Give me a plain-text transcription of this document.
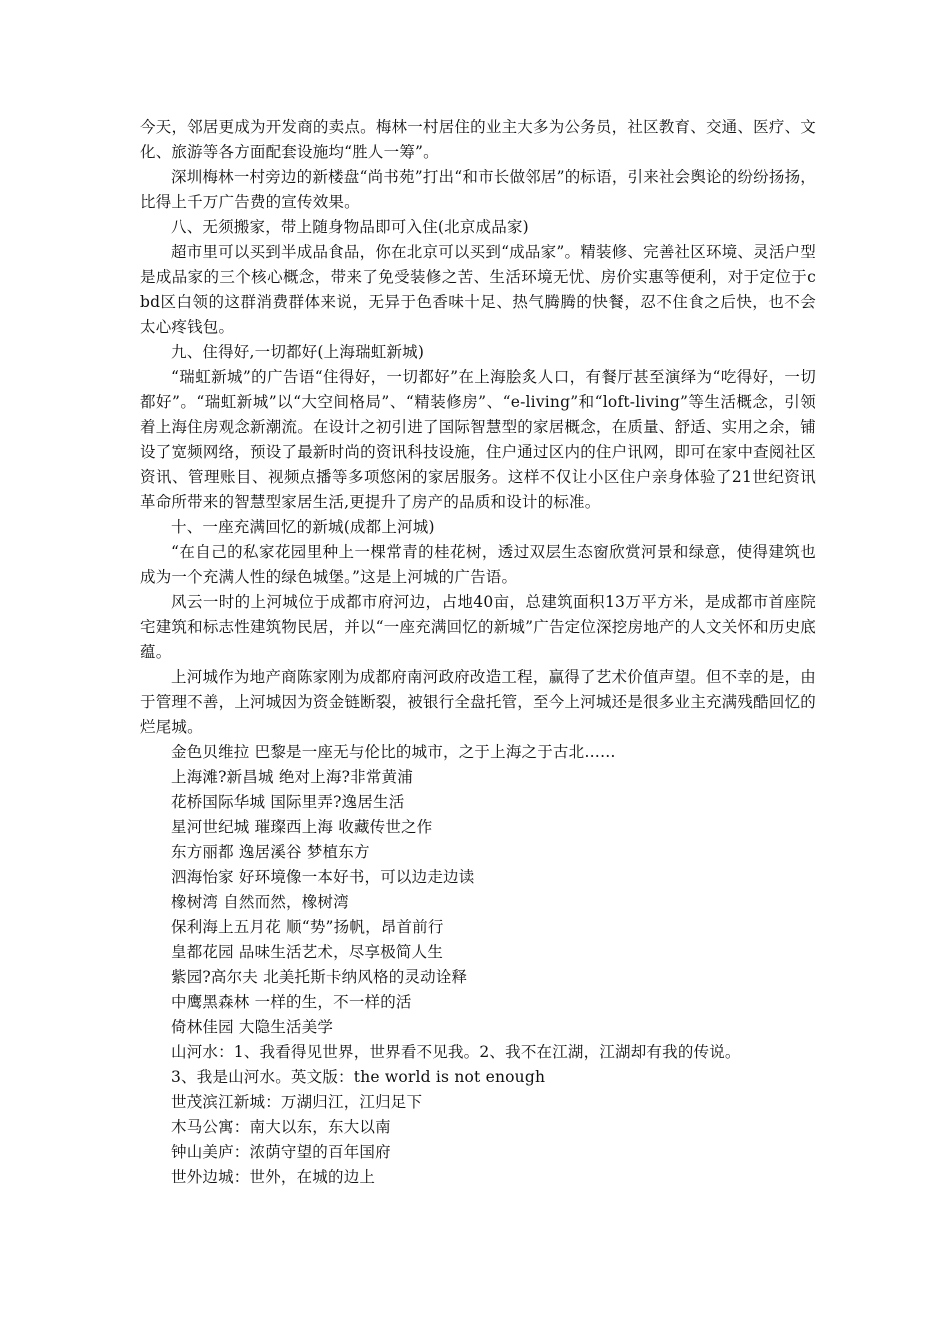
今天，邻居更成为开发商的卖点。梅林一村居住的业主大多为公务员，社区教育、交通、医疗、文化、旅游等各方面配套设施均“胜人一筹”。

深圳梅林一村旁边的新楼盘“尚书苑”打出“和市长做邻居”的标语，引来社会舆论的纷纷扬扬，比得上千万广告费的宣传效果。

八、无须搬家，带上随身物品即可入住(北京成品家)

超市里可以买到半成品食品，你在北京可以买到“成品家”。精装修、完善社区环境、灵活户型是成品家的三个核心概念，带来了免受装修之苦、生活环境无忧、房价实惠等便利，对于定位于cbd区白领的这群消费群体来说，无异于色香味十足、热气腾腾的快餐，忍不住食之后快，也不会太心疼钱包。

九、住得好,一切都好(上海瑞虹新城)

“瑞虹新城”的广告语“住得好，一切都好”在上海脍炙人口，有餐厅甚至演绎为“吃得好，一切都好”。“瑞虹新城”以“大空间格局”、“精装修房”、“e-living”和“loft-living”等生活概念，引领着上海住房观念新潮流。在设计之初引进了国际智慧型的家居概念，在质量、舒适、实用之余，铺设了宽频网络，预设了最新时尚的资讯科技设施，住户通过区内的住户讯网，即可在家中查阅社区资讯、管理账目、视频点播等多项悠闲的家居服务。这样不仅让小区住户亲身体验了21世纪资讯革命所带来的智慧型家居生活,更提升了房产的品质和设计的标准。

十、一座充满回忆的新城(成都上河城)

“在自己的私家花园里种上一棵常青的桂花树，透过双层生态窗欣赏河景和绿意，使得建筑也成为一个充满人性的绿色城堡。”这是上河城的广告语。

风云一时的上河城位于成都市府河边，占地40亩，总建筑面积13万平方米，是成都市首座院宅建筑和标志性建筑物民居，并以“一座充满回忆的新城”广告定位深挖房地产的人文关怀和历史底蕴。

上河城作为地产商陈家刚为成都府南河政府改造工程，赢得了艺术价值声望。但不幸的是，由于管理不善，上河城因为资金链断裂，被银行全盘托管，至今上河城还是很多业主充满残酷回忆的烂尾城。

金色贝维拉 巴黎是一座无与伦比的城市，之于上海之于古北……

上海滩?新昌城 绝对上海?非常黄浦

花桥国际华城 国际里弄?逸居生活

星河世纪城 璀璨西上海 收藏传世之作

东方丽都 逸居溪谷 梦植东方

泗海怡家 好环境像一本好书，可以边走边读

橡树湾 自然而然，橡树湾

保利海上五月花 顺“势”扬帆，昂首前行

皇都花园 品味生活艺术，尽享极简人生

紫园?高尔夫 北美托斯卡纳风格的灵动诠释

中鹰黑森林 一样的生，不一样的活

倚林佳园 大隐生活美学

山河水：1、我看得见世界，世界看不见我。2、我不在江湖，江湖却有我的传说。

3、我是山河水。英文版：the world is not enough

世茂滨江新城：万湖归江，江归足下

木马公寓：南大以东，东大以南

钟山美庐：浓荫守望的百年国府

世外边城：世外，在城的边上
